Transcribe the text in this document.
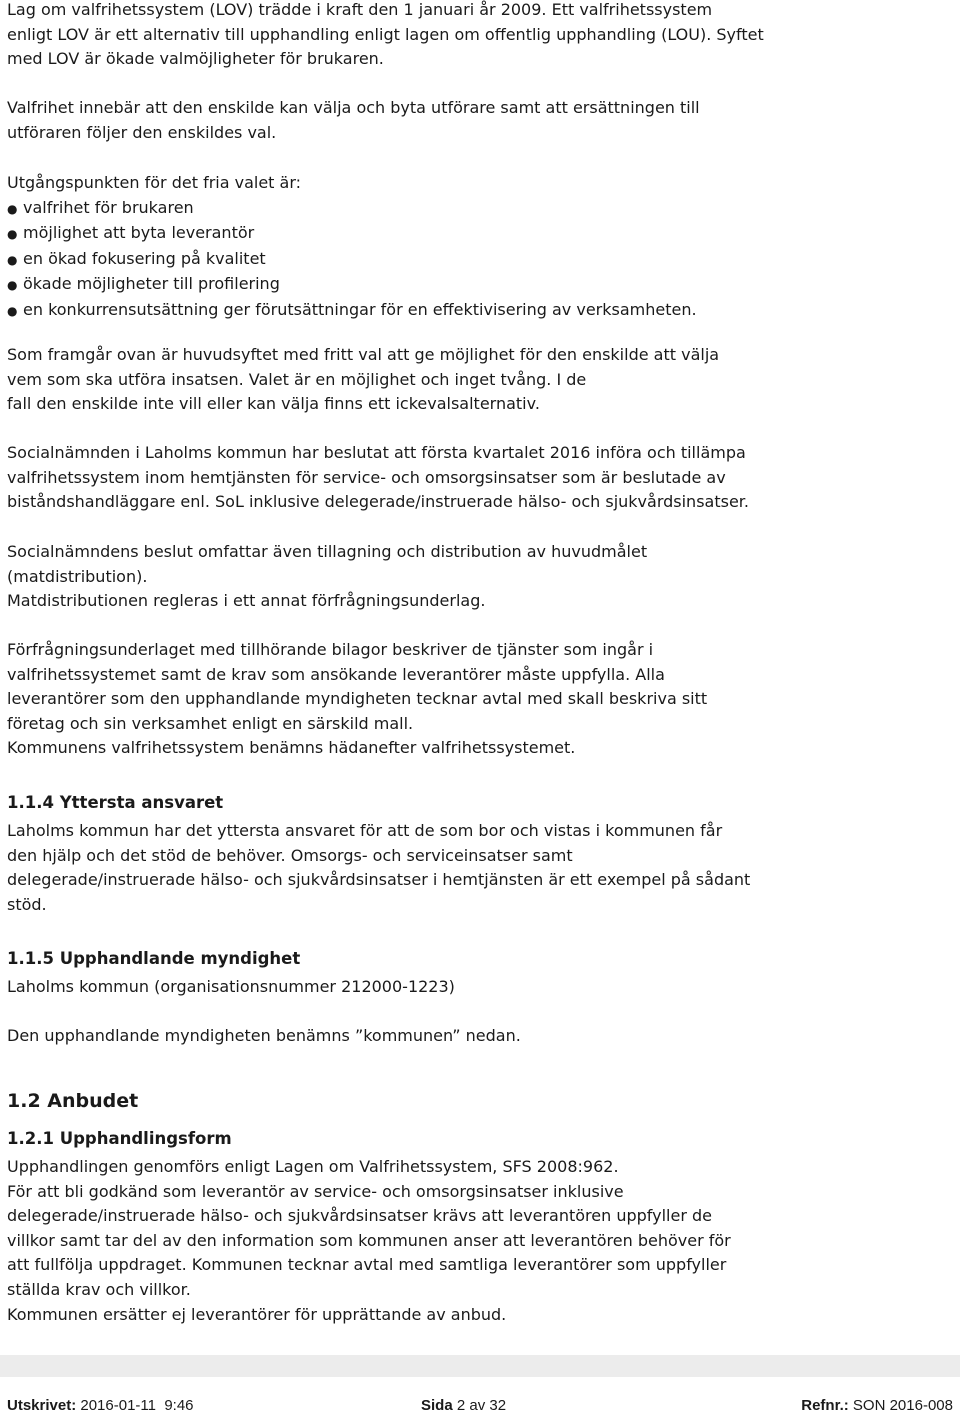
Lag om valfrihetssystem (LOV) trädde i kraft den 1 januari år 2009. Ett valfrihetssystem
enligt LOV är ett alternativ till upphandling enligt lagen om offentlig upphandling (LOU). Syftet
med LOV är ökade valmöjligheter för brukaren.

Valfrihet innebär att den enskilde kan välja och byta utförare samt att ersättningen till
utföraren följer den enskildes val.

Utgångspunkten för det fria valet är:
● valfrihet för brukaren
● möjlighet att byta leverantör
● en ökad fokusering på kvalitet
● ökade möjligheter till profilering
● en konkurrensutsättning ger förutsättningar för en effektivisering av verksamheten.

Som framgår ovan är huvudsyftet med fritt val att ge möjlighet för den enskilde att välja
vem som ska utföra insatsen. Valet är en möjlighet och inget tvång. I de
fall den enskilde inte vill eller kan välja finns ett ickevalsalternativ.

Socialnämnden i Laholms kommun har beslutat att första kvartalet 2016 införa och tillämpa
valfrihetssystem inom hemtjänsten för service- och omsorgsinsatser som är beslutade av
biståndshandläggare enl. SoL inklusive delegerade/instruerade hälso- och sjukvårdsinsatser.

Socialnämndens beslut omfattar även tillagning och distribution av huvudmålet
(matdistribution).
Matdistributionen regleras i ett annat förfrågningsunderlag.

Förfrågningsunderlaget med tillhörande bilagor beskriver de tjänster som ingår i
valfrihetssystemet samt de krav som ansökande leverantörer måste uppfylla. Alla
leverantörer som den upphandlande myndigheten tecknar avtal med skall beskriva sitt
företag och sin verksamhet enligt en särskild mall.
Kommunens valfrihetssystem benämns hädanefter valfrihetssystemet.

1.1.4 Yttersta ansvaret

Laholms kommun har det yttersta ansvaret för att de som bor och vistas i kommunen får
den hjälp och det stöd de behöver. Omsorgs- och serviceinsatser samt
delegerade/instruerade hälso- och sjukvårdsinsatser i hemtjänsten är ett exempel på sådant
stöd.

1.1.5 Upphandlande myndighet

Laholms kommun (organisationsnummer 212000-1223)

Den upphandlande myndigheten benämns ”kommunen” nedan.

1.2 Anbudet
1.2.1 Upphandlingsform

Upphandlingen genomförs enligt Lagen om Valfrihetssystem, SFS 2008:962.
För att bli godkänd som leverantör av service- och omsorgsinsatser inklusive
delegerade/instruerade hälso- och sjukvårdsinsatser krävs att leverantören uppfyller de
villkor samt tar del av den information som kommunen anser att leverantören behöver för
att fullfölja uppdraget. Kommunen tecknar avtal med samtliga leverantörer som uppfyller
ställda krav och villkor.
Kommunen ersätter ej leverantörer för upprättande av anbud.

Utskrivet: 2016-01-11  9:46	Sida 2 av 32	Refnr.: SON 2016-008
